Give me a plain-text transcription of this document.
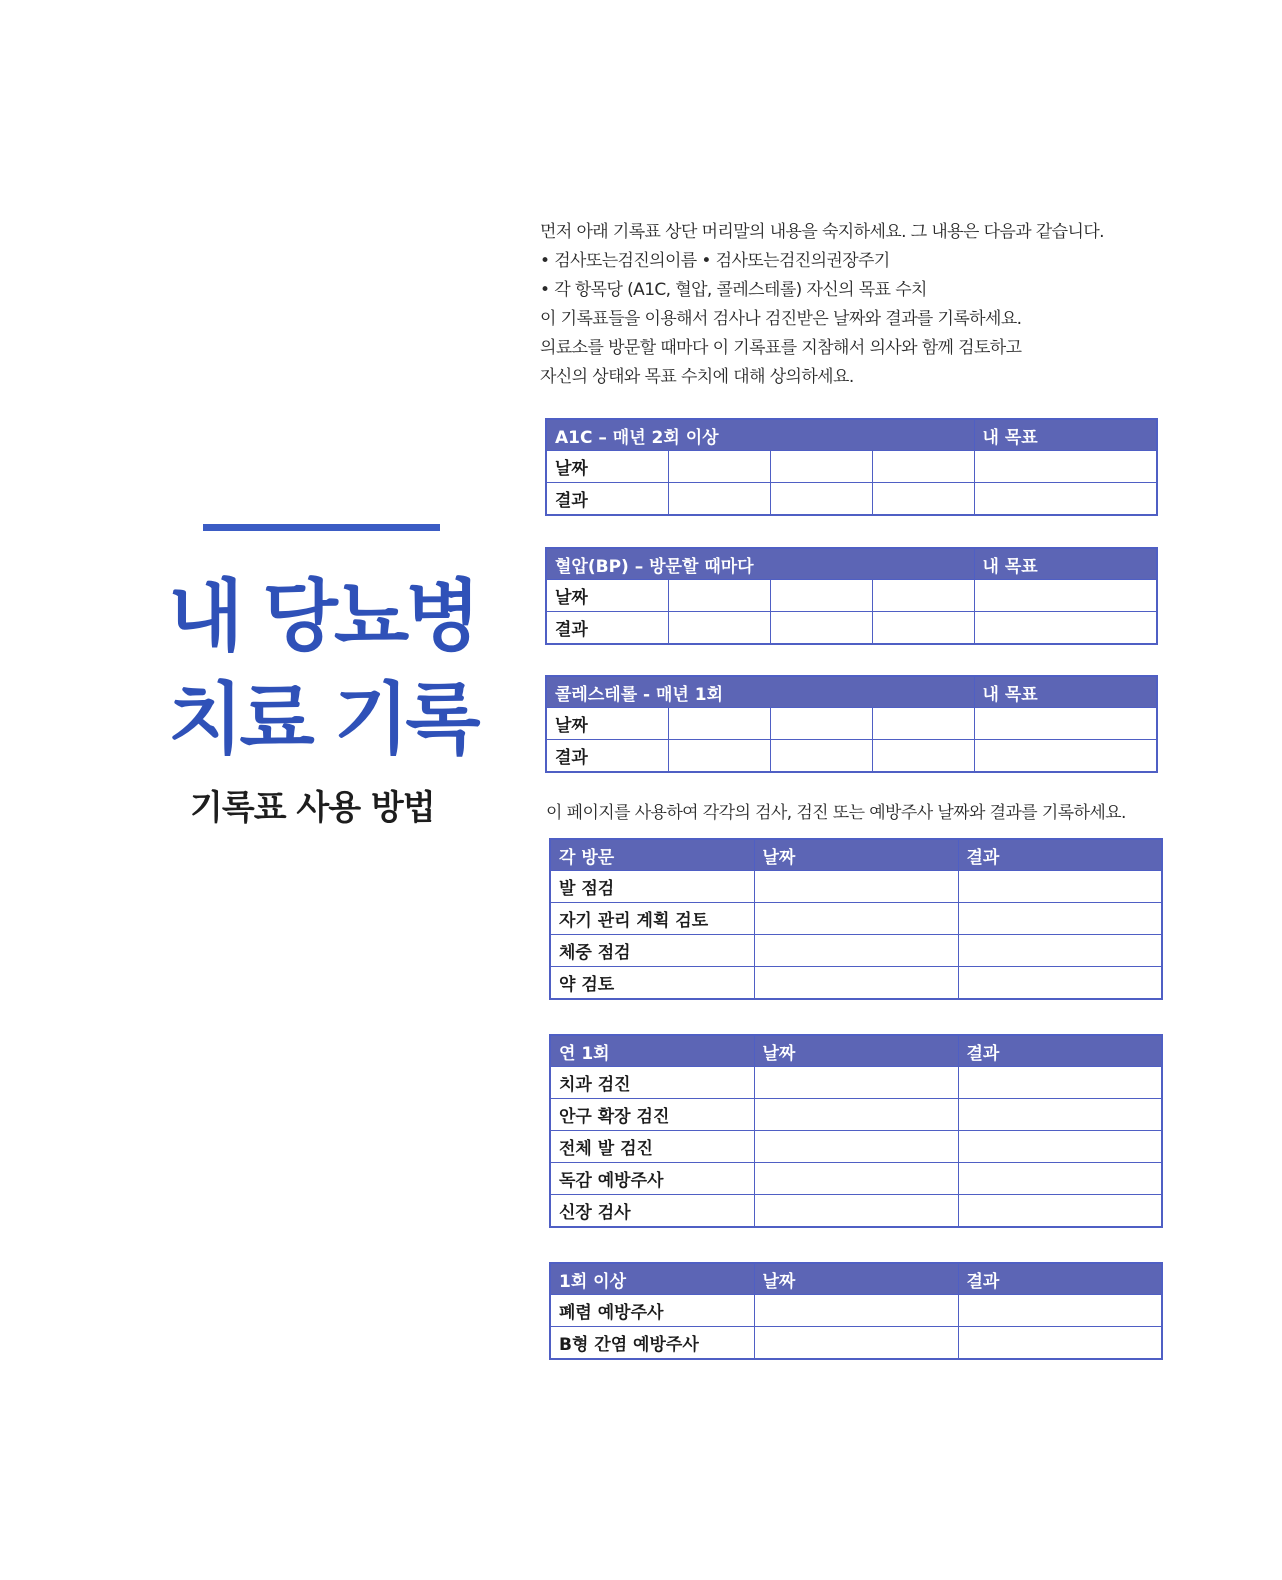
내 당뇨병
치료 기록
기록표 사용 방법
먼저 아래 기록표 상단 머리말의 내용을 숙지하세요. 그 내용은 다음과 같습니다.
• 검사또는검진의이름 • 검사또는검진의권장주기
• 각 항목당 (A1C, 혈압, 콜레스테롤) 자신의 목표 수치
이 기록표들을 이용해서 검사나 검진받은 날짜와 결과를 기록하세요.
의료소를 방문할 때마다 이 기록표를 지참해서 의사와 함께 검토하고
자신의 상태와 목표 수치에 대해 상의하세요.
A1C – 매년 2회 이상				내 목표
날짜				
결과				
혈압(BP) – 방문할 때마다				내 목표
날짜				
결과				
콜레스테롤 - 매년 1회				내 목표
날짜				
결과				
이 페이지를 사용하여 각각의 검사, 검진 또는 예방주사 날짜와 결과를 기록하세요.
각 방문	날짜	결과
발 점검		
자기 관리 계획 검토		
체중 점검		
약 검토		
연 1회	날짜	결과
치과 검진		
안구 확장 검진		
전체 발 검진		
독감 예방주사		
신장 검사		
1회 이상	날짜	결과
폐렴 예방주사		
B형 간염 예방주사		
